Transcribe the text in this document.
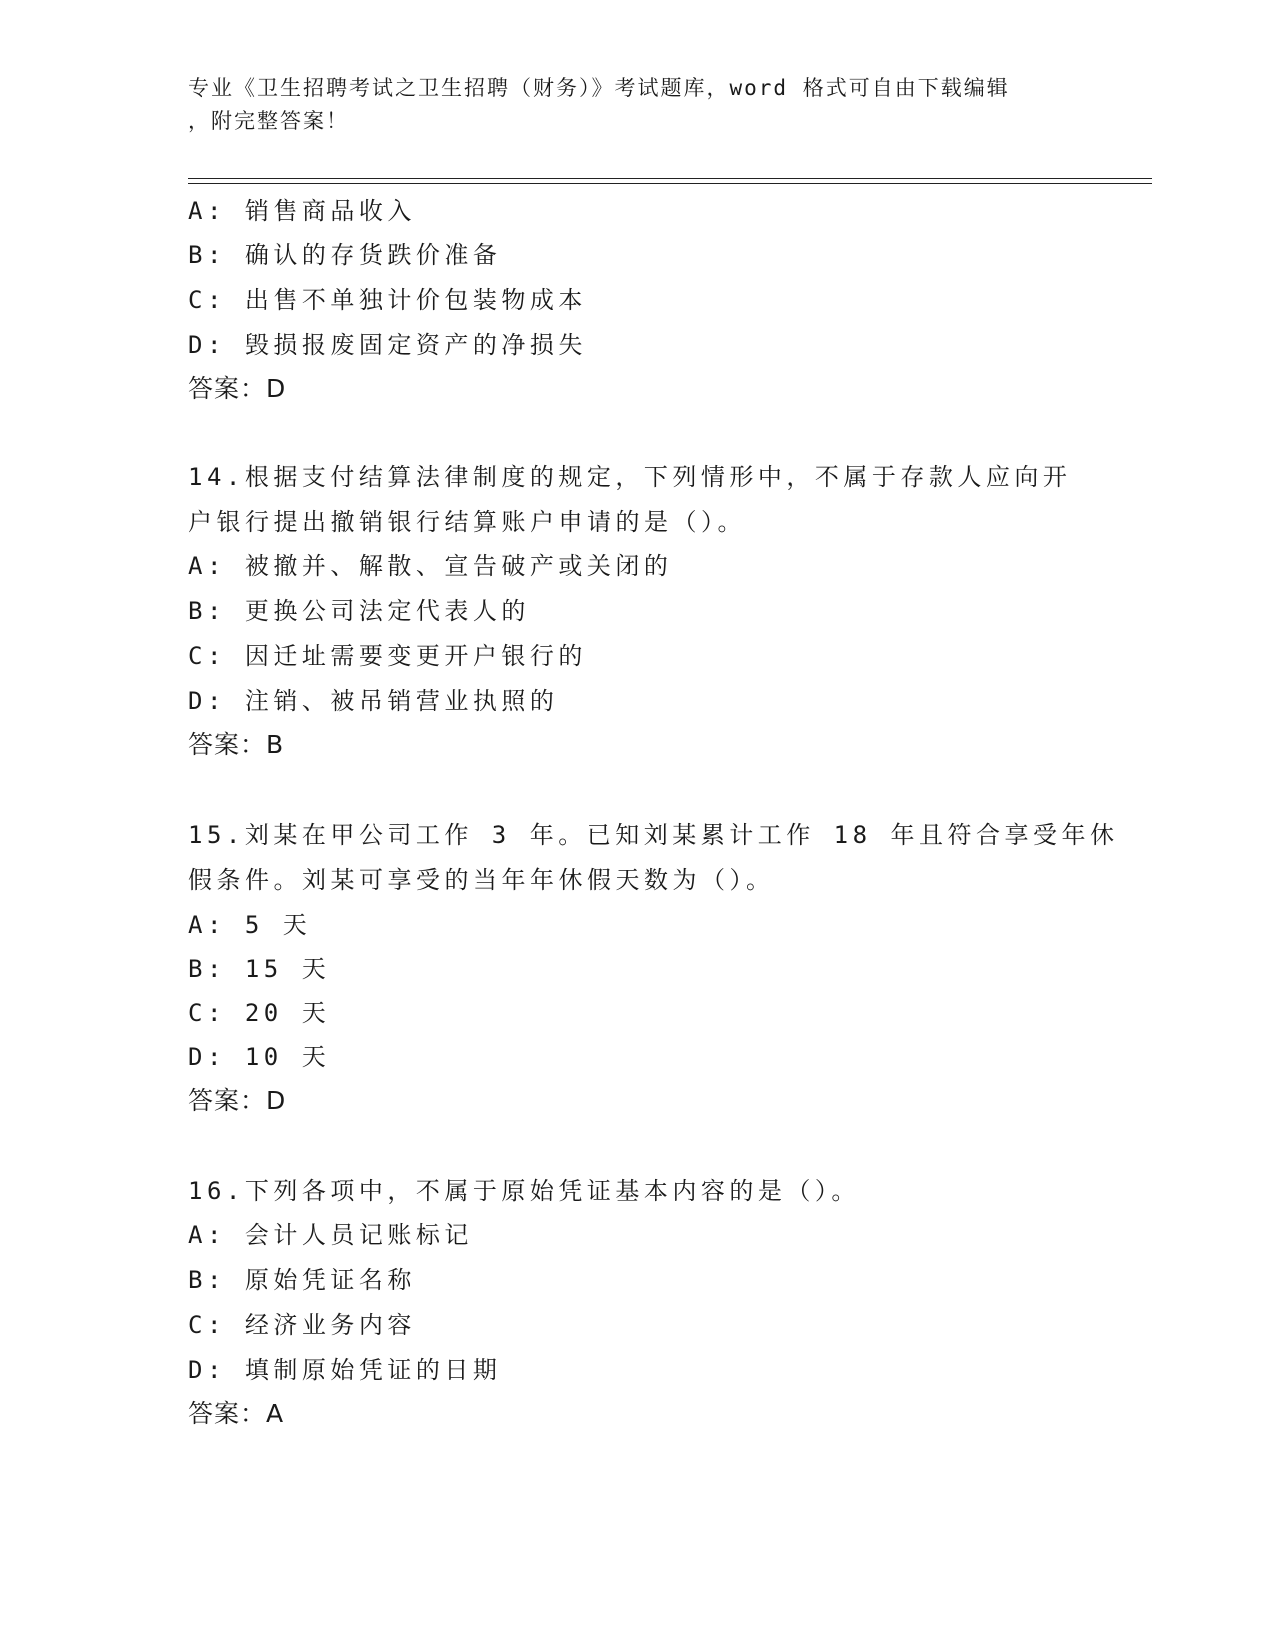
专业《卫生招聘考试之卫生招聘（财务）》考试题库，word 格式可自由下载编辑
，附完整答案！
A: 销售商品收入
B: 确认的存货跌价准备
C: 出售不单独计价包装物成本
D: 毁损报废固定资产的净损失
答案：D
14.根据支付结算法律制度的规定，下列情形中，不属于存款人应向开
户银行提出撤销银行结算账户申请的是（）。
A: 被撤并、解散、宣告破产或关闭的
B: 更换公司法定代表人的
C: 因迁址需要变更开户银行的
D: 注销、被吊销营业执照的
答案：B
15.刘某在甲公司工作 3 年。已知刘某累计工作 18 年且符合享受年休
假条件。刘某可享受的当年年休假天数为（）。
A: 5 天
B: 15 天
C: 20 天
D: 10 天
答案：D
16.下列各项中，不属于原始凭证基本内容的是（）。
A: 会计人员记账标记
B: 原始凭证名称
C: 经济业务内容
D: 填制原始凭证的日期
答案：A
